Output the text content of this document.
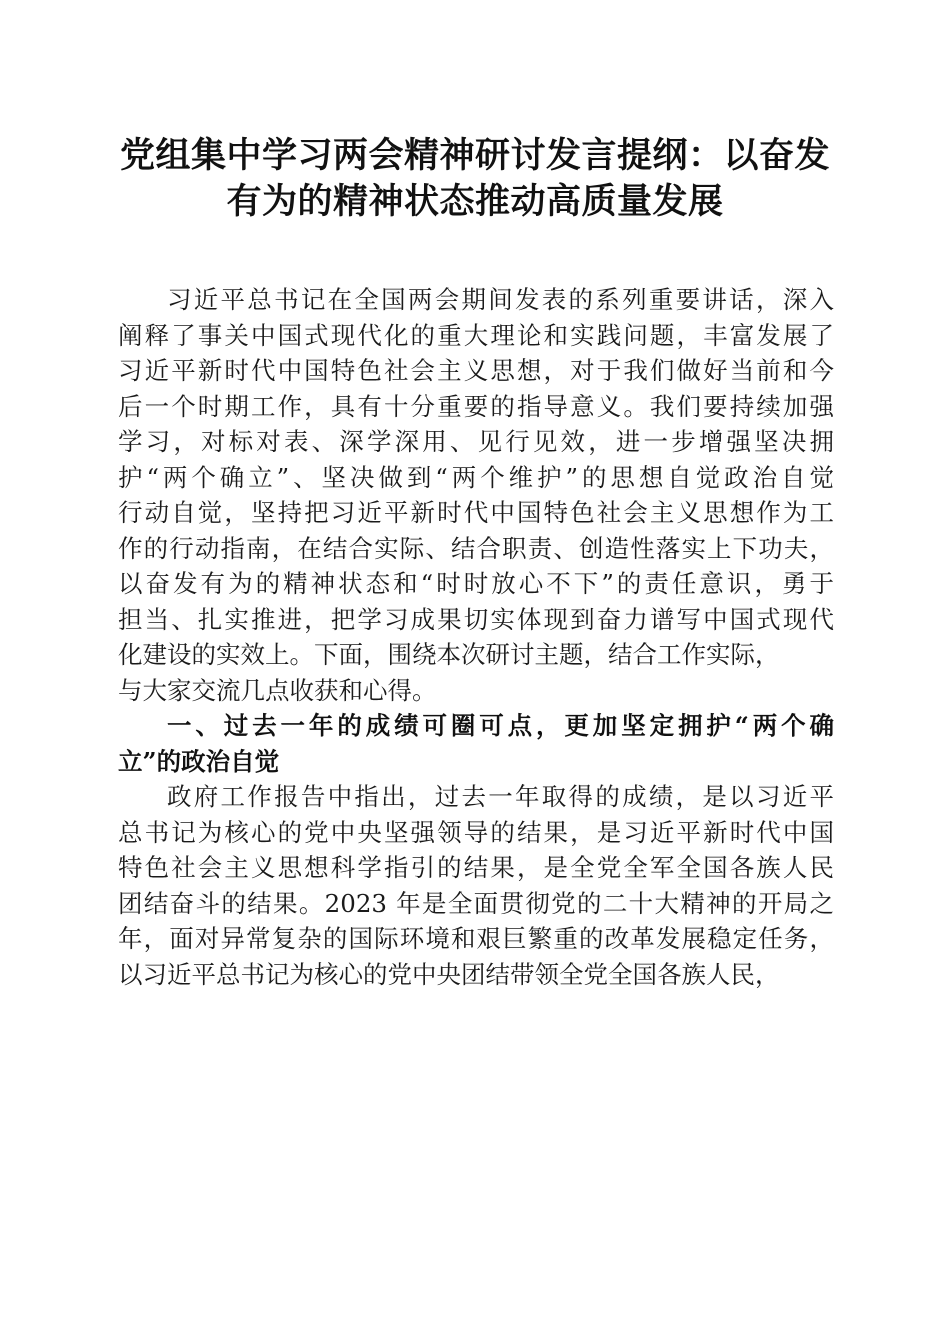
党组集中学习两会精神研讨发言提纲：以奋发
有为的精神状态推动高质量发展
习近平总书记在全国两会期间发表的系列重要讲话，深入
阐释了事关中国式现代化的重大理论和实践问题，丰富发展了
习近平新时代中国特色社会主义思想，对于我们做好当前和今
后一个时期工作，具有十分重要的指导意义。我们要持续加强
学习，对标对表、深学深用、见行见效，进一步增强坚决拥
护“两个确立”、坚决做到“两个维护”的思想自觉政治自觉
行动自觉，坚持把习近平新时代中国特色社会主义思想作为工
作的行动指南，在结合实际、结合职责、创造性落实上下功夫，
以奋发有为的精神状态和“时时放心不下”的责任意识，勇于
担当、扎实推进，把学习成果切实体现到奋力谱写中国式现代
化建设的实效上。下面，围绕本次研讨主题，结合工作实际，
与大家交流几点收获和心得。
一、过去一年的成绩可圈可点，更加坚定拥护“两个确
立”的政治自觉
政府工作报告中指出，过去一年取得的成绩，是以习近平
总书记为核心的党中央坚强领导的结果，是习近平新时代中国
特色社会主义思想科学指引的结果，是全党全军全国各族人民
团结奋斗的结果。2023 年是全面贯彻党的二十大精神的开局之
年，面对异常复杂的国际环境和艰巨繁重的改革发展稳定任务，
以习近平总书记为核心的党中央团结带领全党全国各族人民，
